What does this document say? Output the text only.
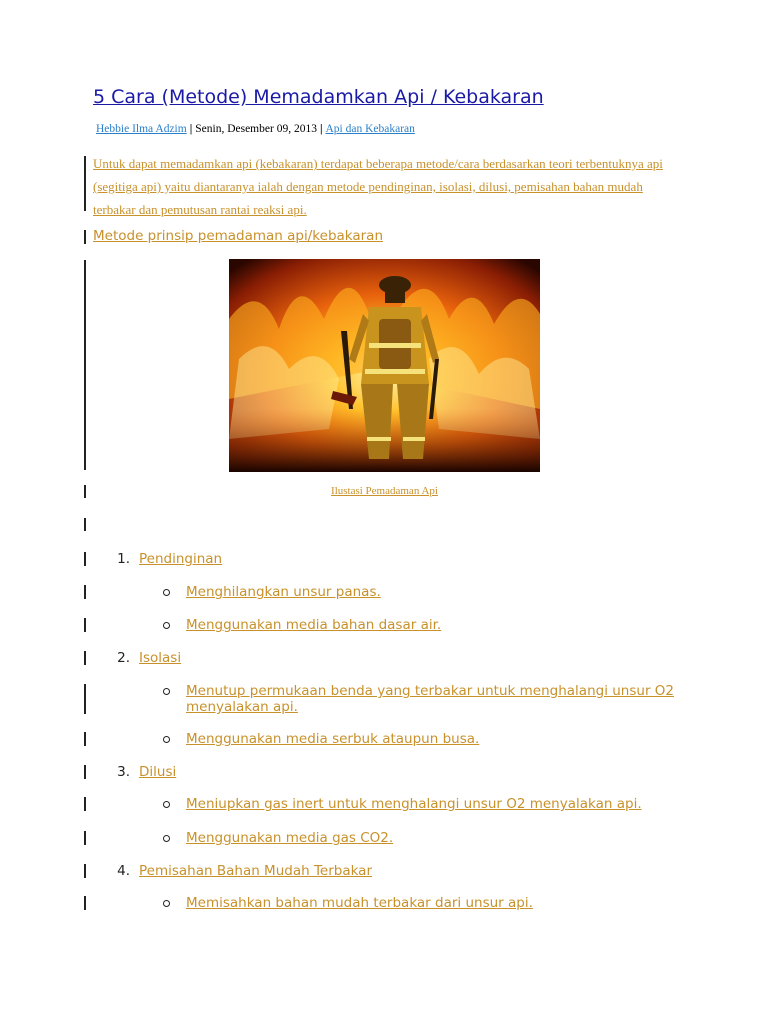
5 Cara (Metode) Memadamkan Api / Kebakaran
Hebbie Ilma Adzim | Senin, Desember 09, 2013 | Api dan Kebakaran
Untuk dapat memadamkan api (kebakaran) terdapat beberapa metode/cara berdasarkan teori terbentuknya api (segitiga api) yaitu diantaranya ialah dengan metode pendinginan, isolasi, dilusi, pemisahan bahan mudah terbakar dan pemutusan rantai reaksi api.
Metode prinsip pemadaman api/kebakaran
Ilustasi Pemadaman Api
1. Pendinginan
Menghilangkan unsur panas.
Menggunakan media bahan dasar air.
2. Isolasi
Menutup permukaan benda yang terbakar untuk menghalangi unsur O2 menyalakan api.
Menggunakan media serbuk ataupun busa.
3. Dilusi
Meniupkan gas inert untuk menghalangi unsur O2 menyalakan api.
Menggunakan media gas CO2.
4. Pemisahan Bahan Mudah Terbakar
Memisahkan bahan mudah terbakar dari unsur api.
